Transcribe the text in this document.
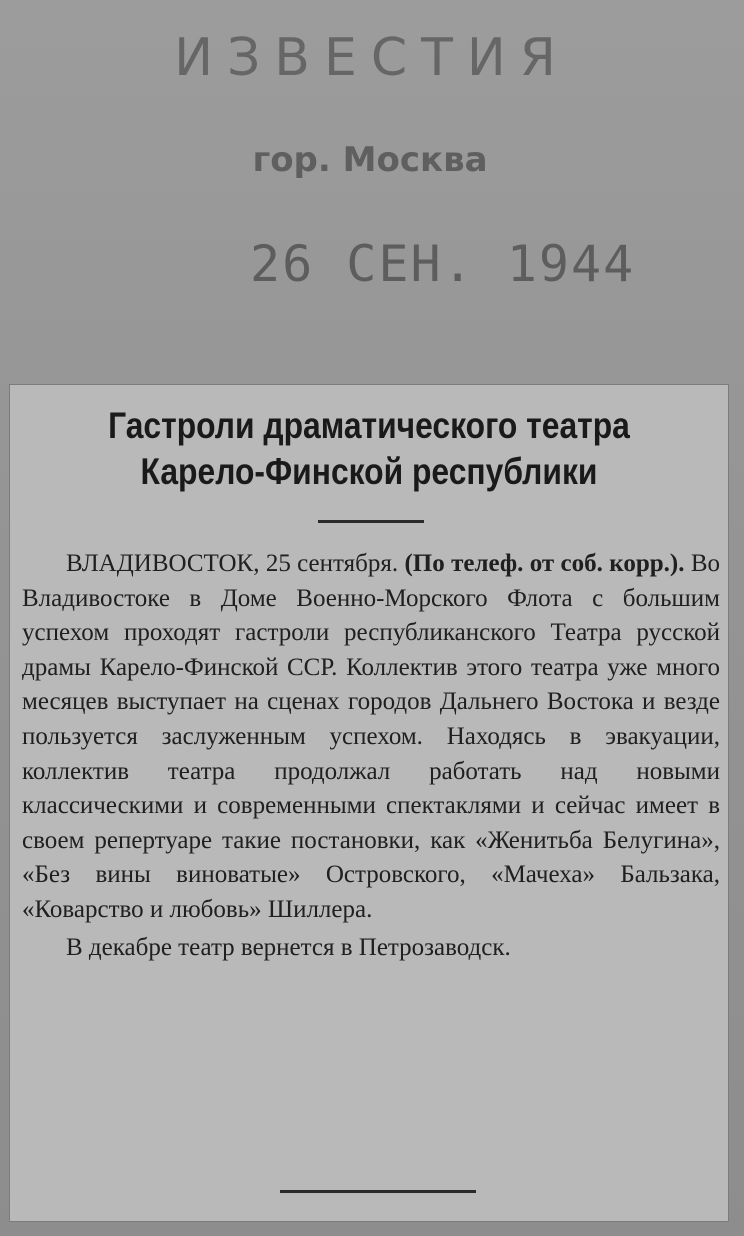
ИЗВЕСТИЯ
гор. Москва
26 СЕН. 1944
Гастроли драматического театра
Карело-Финской республики

ВЛАДИВОСТОК, 25 сентября. (По телеф. от соб. корр.). Во Владивостоке в Доме Военно-Морского Флота с большим успехом проходят гастроли республиканского Театра русской драмы Карело-Финской ССР. Коллектив этого театра уже много месяцев выступает на сценах городов Дальнего Востока и везде пользуется заслуженным успехом. Находясь в эвакуации, коллектив театра продолжал работать над новыми классическими и современными спектаклями и сейчас имеет в своем репертуаре такие постановки, как «Женитьба Белугина», «Без вины виноватые» Островского, «Мачеха» Бальзака, «Коварство и любовь» Шиллера.

В декабре театр вернется в Петрозаводск.
